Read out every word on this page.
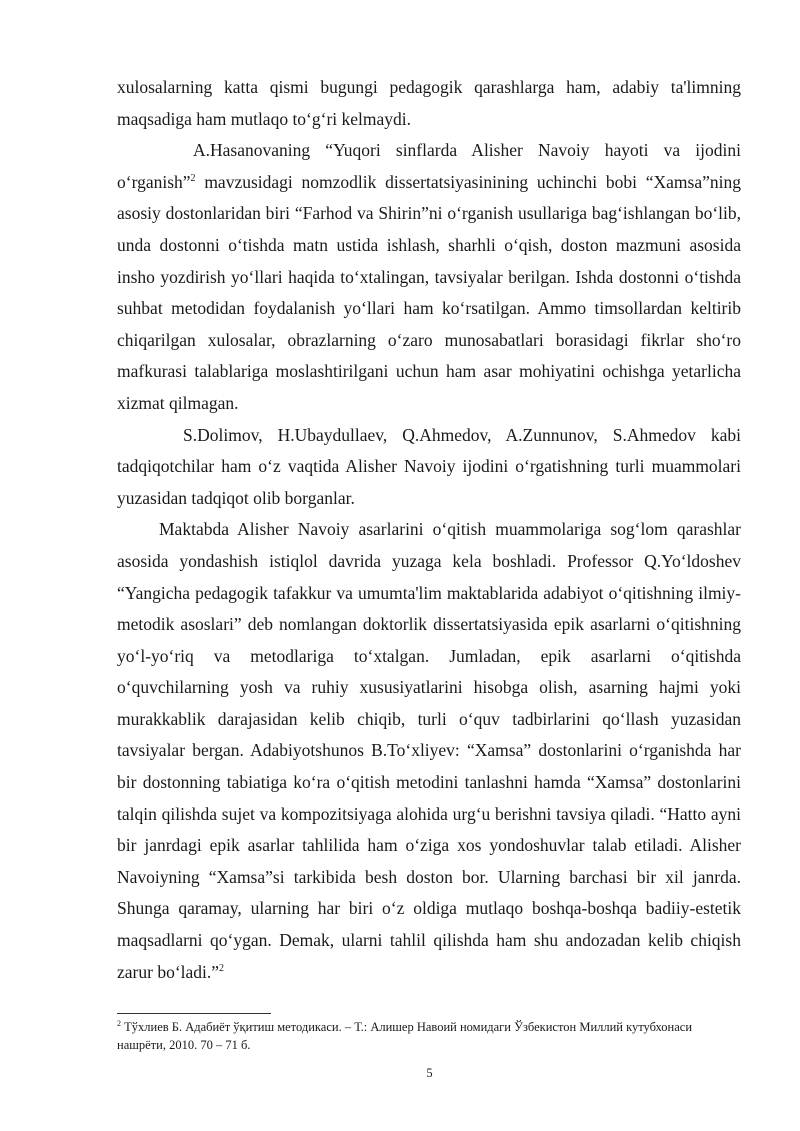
xulosalarning katta qismi bugungi pedagogik qarashlarga ham, adabiy ta'limning maqsadiga ham mutlaqo to‘g‘ri kelmaydi.

A.Hasanovaning “Yuqori sinflarda Alisher Navoiy hayoti va ijodini o‘rganish”$^2$ mavzusidagi nomzodlik dissertatsiyasinining uchinchi bobi “Xamsa”ning asosiy dostonlaridan biri “Farhod va Shirin”ni o‘rganish usullariga bag‘ishlangan bo‘lib, unda dostonni o‘tishda matn ustida ishlash, sharhli o‘qish, doston mazmuni asosida insho yozdirish yo‘llari haqida to‘xtalingan, tavsiyalar berilgan. Ishda dostonni o‘tishda suhbat metodidan foydalanish yo‘llari ham ko‘rsatilgan. Ammo timsollardan keltirib chiqarilgan xulosalar, obrazlarning o‘zaro munosabatlari borasidagi fikrlar sho‘ro mafkurasi talablariga moslashtirilgani uchun ham asar mohiyatini ochishga yetarlicha xizmat qilmagan.

S.Dolimov, H.Ubaydullaev, Q.Ahmedov, A.Zunnunov, S.Ahmedov kabi tadqiqotchilar ham o‘z vaqtida Alisher Navoiy ijodini o‘rgatishning turli muammolari yuzasidan tadqiqot olib borganlar.

Maktabda Alisher Navoiy asarlarini o‘qitish muammolariga sog‘lom qarashlar asosida yondashish istiqlol davrida yuzaga kela boshladi. Professor Q.Yo‘ldoshev “Yangicha pedagogik tafakkur va umumta'lim maktablarida adabiyot o‘qitishning ilmiy-metodik asoslari” deb nomlangan doktorlik dissertatsiyasida epik asarlarni o‘qitishning yo‘l-yo‘riq va metodlariga to‘xtalgan. Jumladan, epik asarlarni o‘qitishda o‘quvchilarning yosh va ruhiy xususiyatlarini hisobga olish, asarning hajmi yoki murakkablik darajasidan kelib chiqib, turli o‘quv tadbirlarini qo‘llash yuzasidan tavsiyalar bergan. Adabiyotshunos B.To‘xliyev: “Xamsa” dostonlarini o‘rganishda har bir dostonning tabiatiga ko‘ra o‘qitish metodini tanlashni hamda “Xamsa” dostonlarini talqin qilishda sujet va kompozitsiyaga alohida urg‘u berishni tavsiya qiladi. “Hatto ayni bir janrdagi epik asarlar tahlilida ham o‘ziga xos yondoshuvlar talab etiladi. Alisher Navoiyning “Xamsa”si tarkibida besh doston bor. Ularning barchasi bir xil janrda. Shunga qaramay, ularning har biri o‘z oldiga mutlaqo boshqa-boshqa badiiy-estetik maqsadlarni qo‘ygan. Demak, ularni tahlil qilishda ham shu andozadan kelib chiqish zarur bo‘ladi.”$^2$

$^2$ Тўхлиев Б. Адабиёт ўқитиш методикаси. – Т.: Алишер Навоий номидаги Ўзбекистон Миллий кутубхонаси нашрёти, 2010. 70 – 71 б.
5
